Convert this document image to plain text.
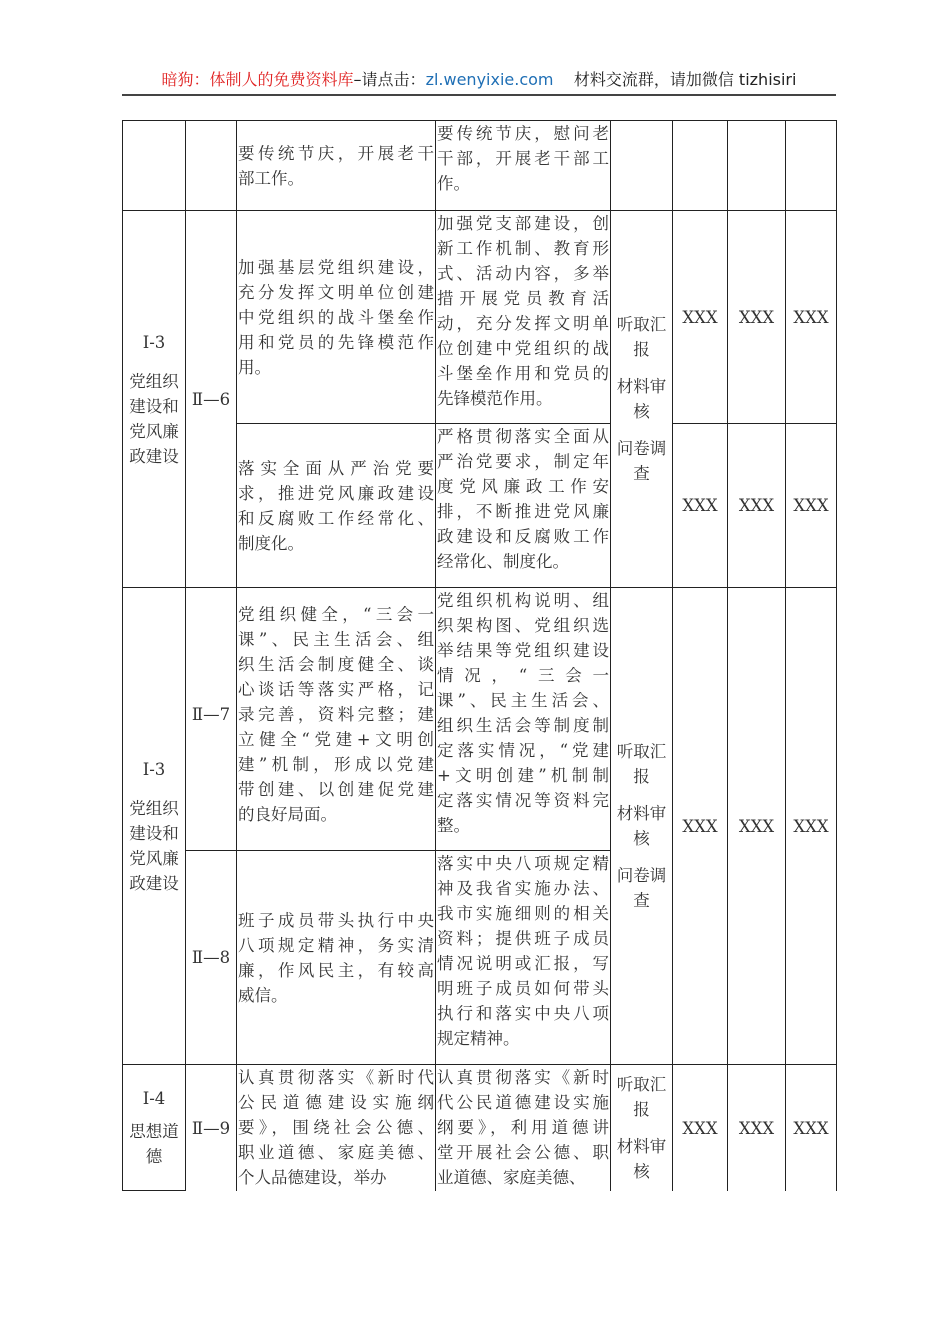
暗狗：体制人的免费资料库–请点击：zl.wenyixie.com 材料交流群，请加微信 tizhisiri
要传统节庆，开展老干
部工作。
要传统节庆，慰问老
干部，开展老干部工
作。
Ⅰ-3
党组织
建设和
党风廉
政建设
Ⅱ—6
加强基层党组织建设，
充分发挥文明单位创建
中党组织的战斗堡垒作
用和党员的先锋模范作
用。
加强党支部建设，创
新工作机制、教育形
式、活动内容，多举
措开展党员教育活
动，充分发挥文明单
位创建中党组织的战
斗堡垒作用和党员的
先锋模范作用。
落实全面从严治党要
求，推进党风廉政建设
和反腐败工作经常化、
制度化。
严格贯彻落实全面从
严治党要求，制定年
度党风廉政工作安
排，不断推进党风廉
政建设和反腐败工作
经常化、制度化。
听取汇
报
材料审
核
问卷调
查
XXX XXX XXX
XXX XXX XXX
Ⅰ-3
党组织
建设和
党风廉
政建设
Ⅱ—7
Ⅱ—8
党组织健全，“三会一
课”、民主生活会、组
织生活会制度健全、谈
心谈话等落实严格，记
录完善，资料完整；建
立健全“党建+文明创
建”机制，形成以党建
带创建、以创建促党建
的良好局面。
党组织机构说明、组
织架构图、党组织选
举结果等党组织建设
情况，“三会一
课”、民主生活会、
组织生活会等制度制
定落实情况，“党建
+文明创建”机制制
定落实情况等资料完
整。
班子成员带头执行中央
八项规定精神，务实清
廉，作风民主，有较高
威信。
落实中央八项规定精
神及我省实施办法、
我市实施细则的相关
资料；提供班子成员
情况说明或汇报，写
明班子成员如何带头
执行和落实中央八项
规定精神。
听取汇
报
材料审
核
问卷调
查
XXX XXX XXX
Ⅰ-4
思想道
德
Ⅱ—9
认真贯彻落实《新时代
公民道德建设实施纲
要》，围绕社会公德、
职业道德、家庭美德、
个人品德建设，举办
认真贯彻落实《新时
代公民道德建设实施
纲要》，利用道德讲
堂开展社会公德、职
业道德、家庭美德、
听取汇
报
材料审
核
XXX XXX XXX
